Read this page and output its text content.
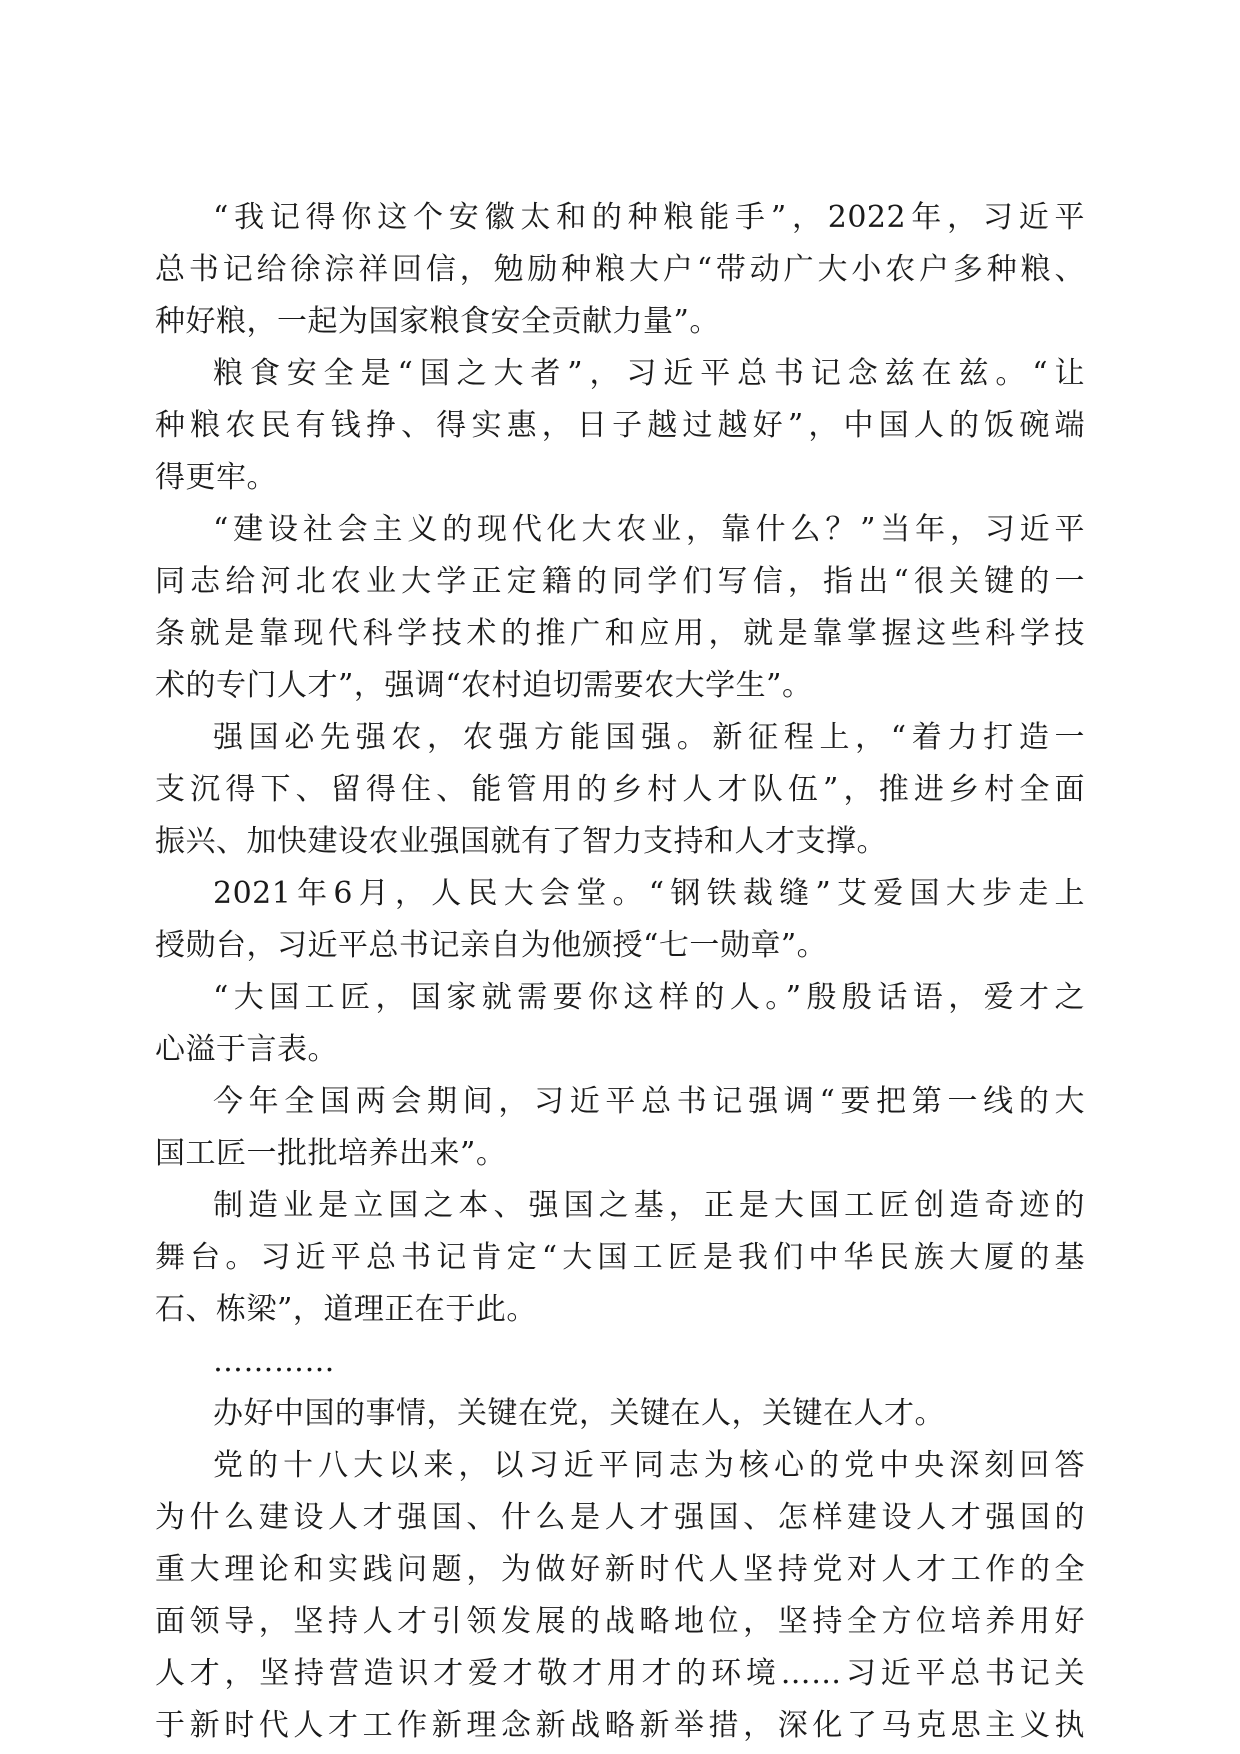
“我记得你这个安徽太和的种粮能手”，2022年，习近平
总书记给徐淙祥回信，勉励种粮大户“带动广大小农户多种粮、
种好粮，一起为国家粮食安全贡献力量”。
粮食安全是“国之大者”，习近平总书记念兹在兹。“让
种粮农民有钱挣、得实惠，日子越过越好”，中国人的饭碗端
得更牢。
“建设社会主义的现代化大农业，靠什么？”当年，习近平
同志给河北农业大学正定籍的同学们写信，指出“很关键的一
条就是靠现代科学技术的推广和应用，就是靠掌握这些科学技
术的专门人才”，强调“农村迫切需要农大学生”。
强国必先强农，农强方能国强。新征程上，“着力打造一
支沉得下、留得住、能管用的乡村人才队伍”，推进乡村全面
振兴、加快建设农业强国就有了智力支持和人才支撑。
2021年6月，人民大会堂。“钢铁裁缝”艾爱国大步走上
授勋台，习近平总书记亲自为他颁授“七一勋章”。
“大国工匠，国家就需要你这样的人。”殷殷话语，爱才之
心溢于言表。
今年全国两会期间，习近平总书记强调“要把第一线的大
国工匠一批批培养出来”。
制造业是立国之本、强国之基，正是大国工匠创造奇迹的
舞台。习近平总书记肯定“大国工匠是我们中华民族大厦的基
石、栋梁”，道理正在于此。
…………
办好中国的事情，关键在党，关键在人，关键在人才。
党的十八大以来，以习近平同志为核心的党中央深刻回答
为什么建设人才强国、什么是人才强国、怎样建设人才强国的
重大理论和实践问题，为做好新时代人坚持党对人才工作的全
面领导，坚持人才引领发展的战略地位，坚持全方位培养用好
人才，坚持营造识才爱才敬才用才的环境……习近平总书记关
于新时代人才工作新理念新战略新举措，深化了马克思主义执
